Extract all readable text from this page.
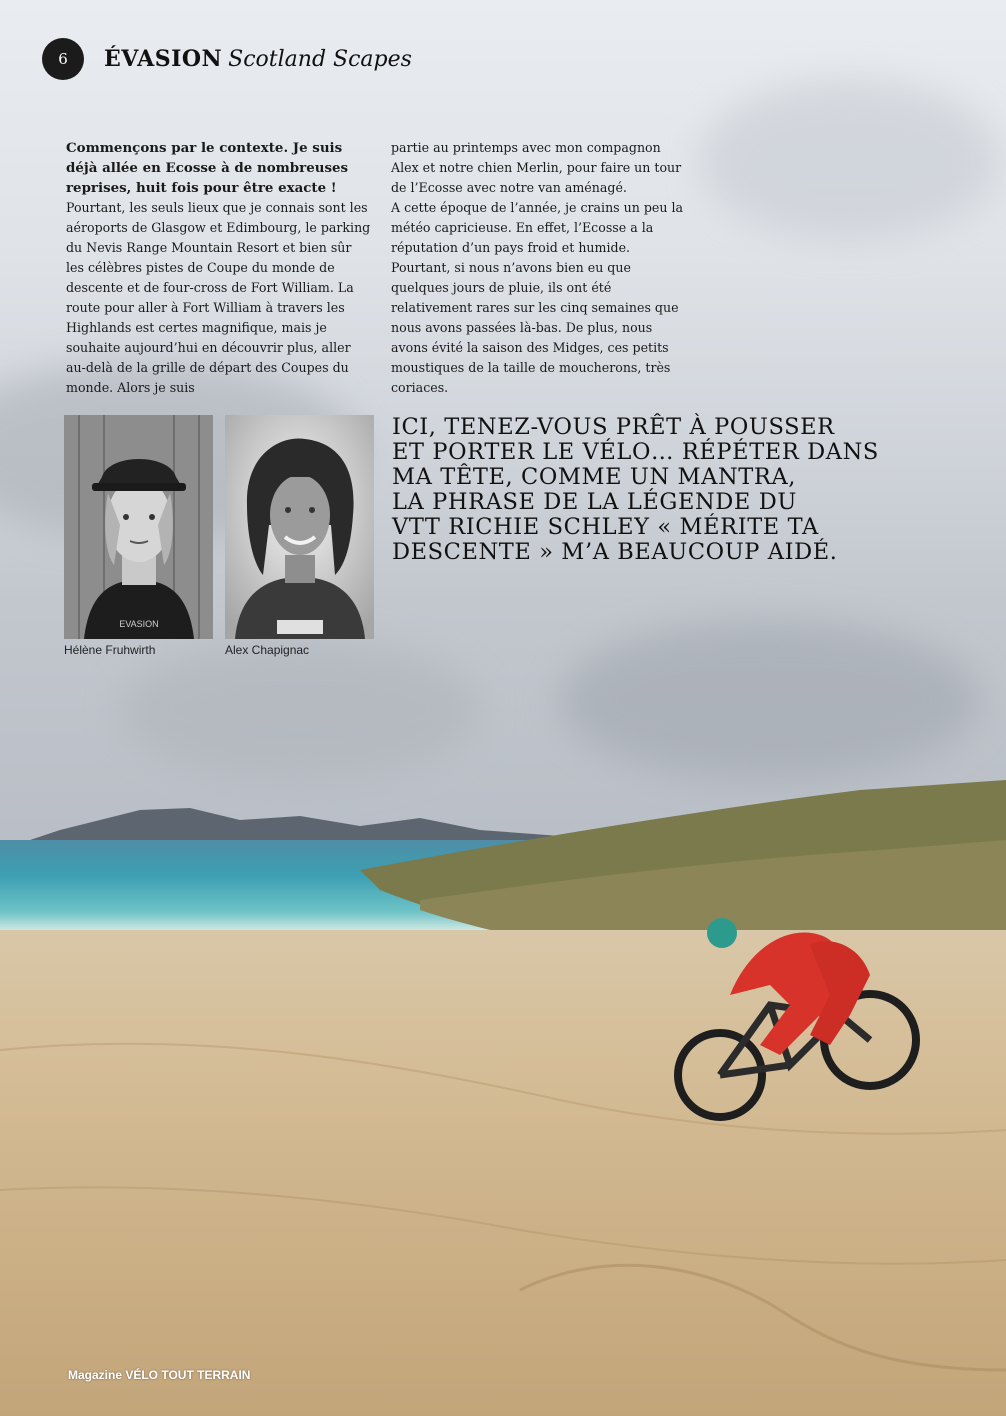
6	ÉVASION Scotland Scapes

Commençons par le contexte. Je suis déjà allée en Ecosse à de nombreuses reprises, huit fois pour être exacte !

Pourtant, les seuls lieux que je connais sont les aéroports de Glasgow et Edimbourg, le parking du Nevis Range Mountain Resort et bien sûr les célèbres pistes de Coupe du monde de descente et de four-cross de Fort William. La route pour aller à Fort William à travers les Highlands est certes magnifique, mais je souhaite aujourd’hui en découvrir plus, aller au-delà de la grille de départ des Coupes du monde. Alors je suis

partie au printemps avec mon compagnon Alex et notre chien Merlin, pour faire un tour de l’Ecosse avec notre van aménagé.

A cette époque de l’année, je crains un peu la météo capricieuse. En effet, l’Ecosse a la réputation d’un pays froid et humide. Pourtant, si nous n’avons bien eu que quelques jours de pluie, ils ont été relativement rares sur les cinq semaines que nous avons passées là-bas. De plus, nous avons évité la saison des Midges, ces petits moustiques de la taille de moucherons, très coriaces.

EVASION
Hélène Fruhwirth	Alex Chapignac
ICI, TENEZ-VOUS PRÊT À POUSSER
ET PORTER LE VÉLO… RÉPÉTER DANS
MA TÊTE, COMME UN MANTRA,
LA PHRASE DE LA LÉGENDE DU
VTT RICHIE SCHLEY « MÉRITE TA
DESCENTE » M’A BEAUCOUP AIDÉ.
Magazine VÉLO TOUT TERRAIN
